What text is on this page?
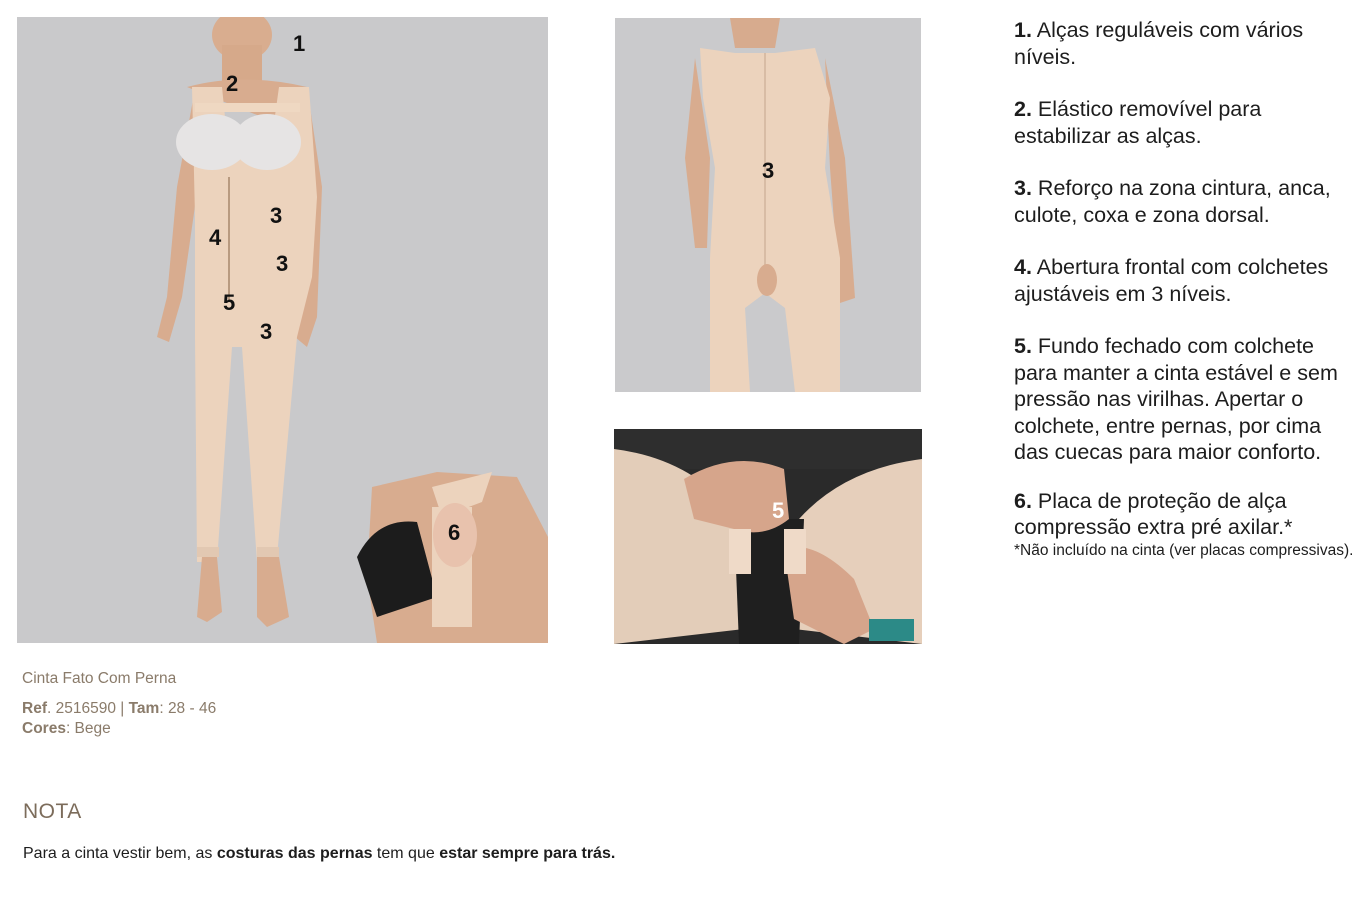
1
2
3
4
3
5
3
6
3
5

1. Alças reguláveis com vários níveis.

2. Elástico removível para estabilizar as alças.

3. Reforço na zona cintura, anca, culote, coxa e zona dorsal.

4. Abertura frontal com colchetes ajustáveis em 3 níveis.

5. Fundo fechado com colchete para manter a cinta estável e sem pressão nas virilhas. Apertar o colchete, entre pernas, por cima das cuecas para maior conforto.

6. Placa de proteção de alça compressão extra pré axilar.*
*Não incluído na cinta (ver placas compressivas).

Cinta Fato Com Perna
Ref. 2516590 | Tam: 28 - 46
Cores: Bege
NOTA
Para a cinta vestir bem, as costuras das pernas tem que estar sempre para trás.
